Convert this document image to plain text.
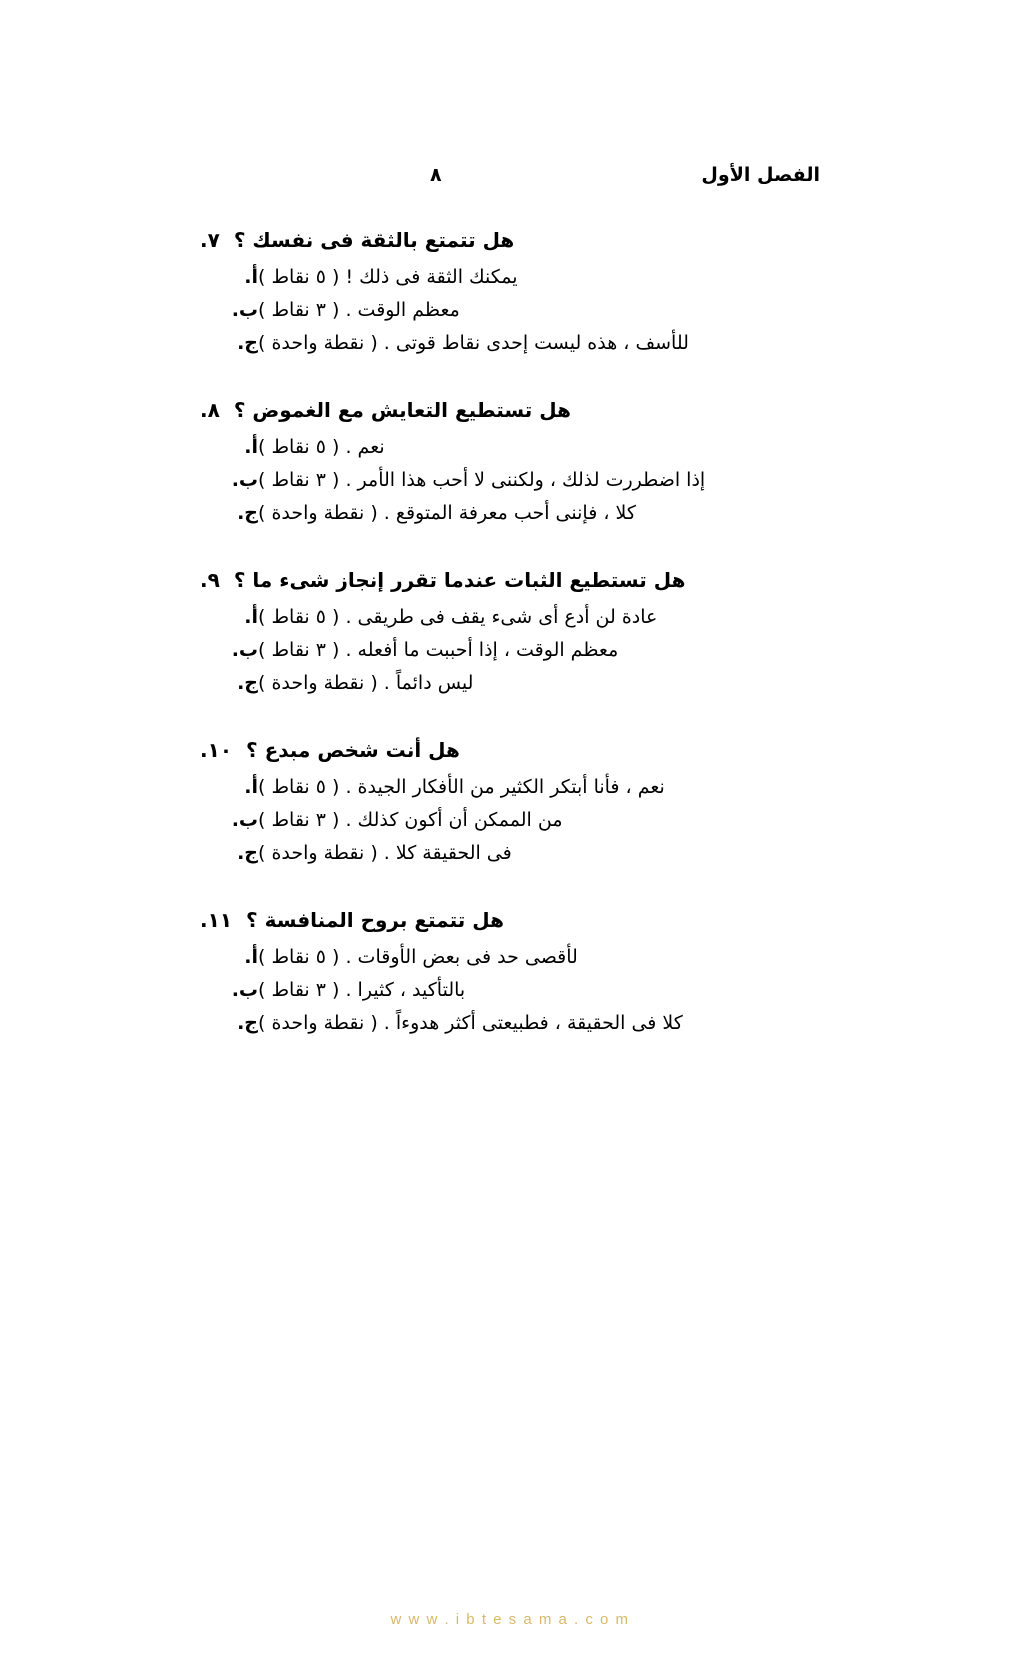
الفصل الأول
٨
هل تتمتع بالثقة فى نفسك ؟
٧.
يمكنك الثقة فى ذلك ! ( ٥ نقاط )
أ.
معظم الوقت . ( ٣ نقاط )
ب.
للأسف ، هذه ليست إحدى نقاط قوتى . ( نقطة واحدة )
ج.
هل تستطيع التعايش مع الغموض ؟
٨.
نعم . ( ٥ نقاط )
أ.
إذا اضطررت لذلك ، ولكننى لا أحب هذا الأمر . ( ٣ نقاط )
ب.
كلا ، فإننى أحب معرفة المتوقع . ( نقطة واحدة )
ج.
هل تستطيع الثبات عندما تقرر إنجاز شىء ما ؟
٩.
عادة لن أدع أى شىء يقف فى طريقى . ( ٥ نقاط )
أ.
معظم الوقت ، إذا أحببت ما أفعله . ( ٣ نقاط )
ب.
ليس دائماً . ( نقطة واحدة )
ج.
هل أنت شخص مبدع ؟
١٠.
نعم ، فأنا أبتكر الكثير من الأفكار الجيدة . ( ٥ نقاط )
أ.
من الممكن أن أكون كذلك . ( ٣ نقاط )
ب.
فى الحقيقة كلا . ( نقطة واحدة )
ج.
هل تتمتع بروح المنافسة ؟
١١.
لأقصى حد فى بعض الأوقات . ( ٥ نقاط )
أ.
بالتأكيد ، كثيرا . ( ٣ نقاط )
ب.
كلا فى الحقيقة ، فطبيعتى أكثر هدوءاً . ( نقطة واحدة )
ج.
w w w . i b t e s a m a . c o m
